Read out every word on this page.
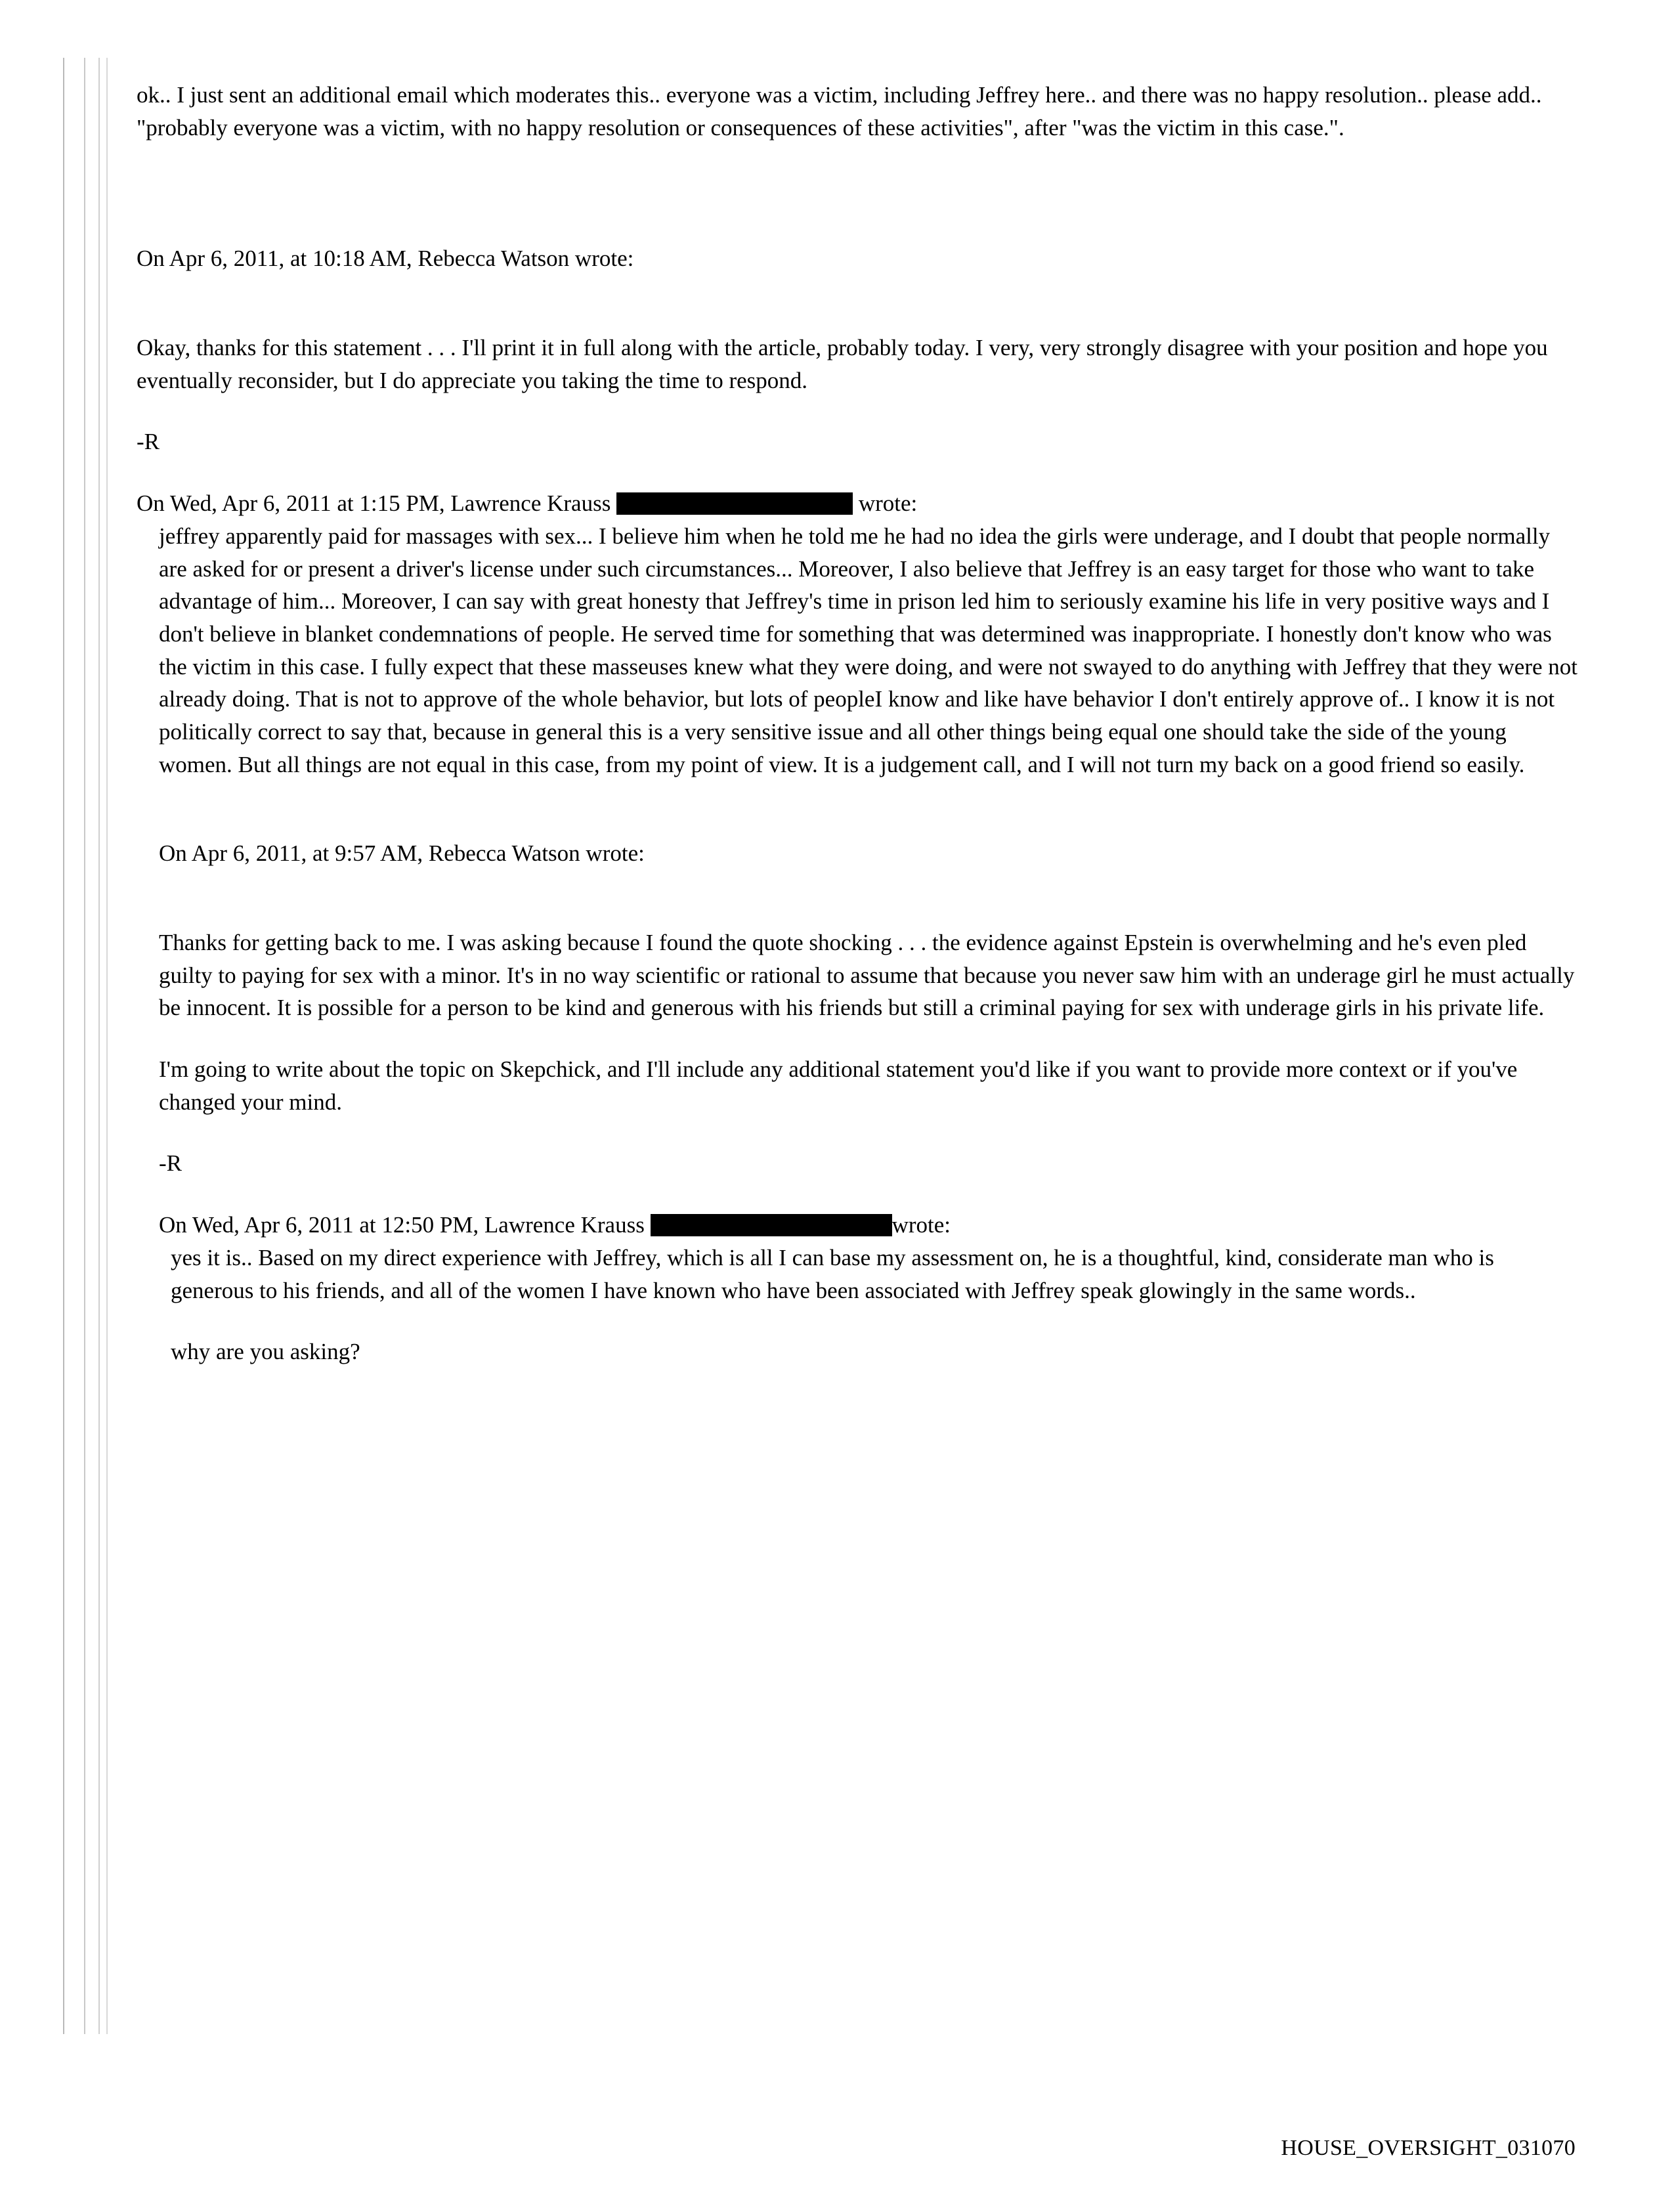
ok.. I just sent an additional email which moderates this.. everyone was a victim, including Jeffrey here.. and there was no happy resolution.. please add.. "probably everyone was a victim, with no happy resolution or consequences of these activities", after "was the victim in this case.".

On Apr 6, 2011, at 10:18 AM, Rebecca Watson wrote:

Okay, thanks for this statement . . . I'll print it in full along with the article, probably today. I very, very strongly disagree with your position and hope you eventually reconsider, but I do appreciate you taking the time to respond.

-R

On Wed, Apr 6, 2011 at 1:15 PM, Lawrence Krauss	wrote:

jeffrey apparently paid for massages with sex... I believe him when he told me he had no idea the girls were underage, and I doubt that people normally are asked for or present a driver's license under such circumstances... Moreover, I also believe that Jeffrey is an easy target for those who want to take advantage of him... Moreover, I can say with great honesty that Jeffrey's time in prison led him to seriously examine his life in very positive ways and I don't believe in blanket condemnations of people. He served time for something that was determined was inappropriate. I honestly don't know who was the victim in this case. I fully expect that these masseuses knew what they were doing, and were not swayed to do anything with Jeffrey that they were not already doing. That is not to approve of the whole behavior, but lots of peopleI know and like have behavior I don't entirely approve of.. I know it is not politically correct to say that, because in general this is a very sensitive issue and all other things being equal one should take the side of the young women. But all things are not equal in this case, from my point of view. It is a judgement call, and I will not turn my back on a good friend so easily.

On Apr 6, 2011, at 9:57 AM, Rebecca Watson wrote:

Thanks for getting back to me. I was asking because I found the quote shocking . . . the evidence against Epstein is overwhelming and he's even pled guilty to paying for sex with a minor. It's in no way scientific or rational to assume that because you never saw him with an underage girl he must actually be innocent. It is possible for a person to be kind and generous with his friends but still a criminal paying for sex with underage girls in his private life.

I'm going to write about the topic on Skepchick, and I'll include any additional statement you'd like if you want to provide more context or if you've changed your mind.

-R

On Wed, Apr 6, 2011 at 12:50 PM, Lawrence Krauss	wrote:

yes it is.. Based on my direct experience with Jeffrey, which is all I can base my assessment on, he is a thoughtful, kind, considerate man who is generous to his friends, and all of the women I have known who have been associated with Jeffrey speak glowingly in the same words..

why are you asking?

HOUSE_OVERSIGHT_031070
